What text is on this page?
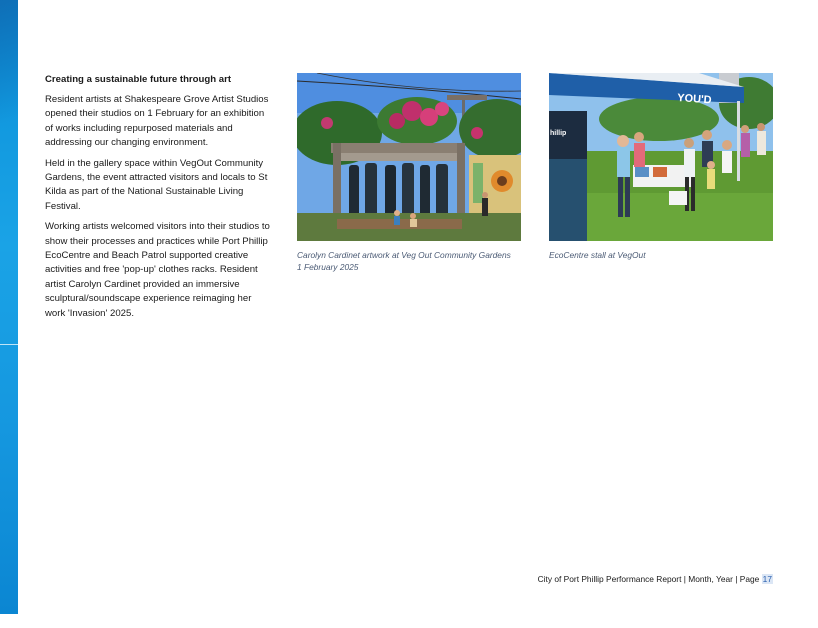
Creating a sustainable future through art

Resident artists at Shakespeare Grove Artist Studios opened their studios on 1 February for an exhibition of works including repurposed materials and addressing our changing environment.

Held in the gallery space within VegOut Community Gardens, the event attracted visitors and locals to St Kilda as part of the National Sustainable Living Festival.

Working artists welcomed visitors into their studios to show their processes and practices while Port Phillip EcoCentre and Beach Patrol supported creative activities and free 'pop-up' clothes racks. Resident artist Carolyn Cardinet provided an immersive sculptural/soundscape experience reimaging her work 'Invasion' 2025.

Carolyn Cardinet artwork at Veg Out Community Gardens 1 February 2025
YOU'D
hillip
EcoCentre stall at VegOut
City of Port Phillip Performance Report | Month, Year | Page 17
